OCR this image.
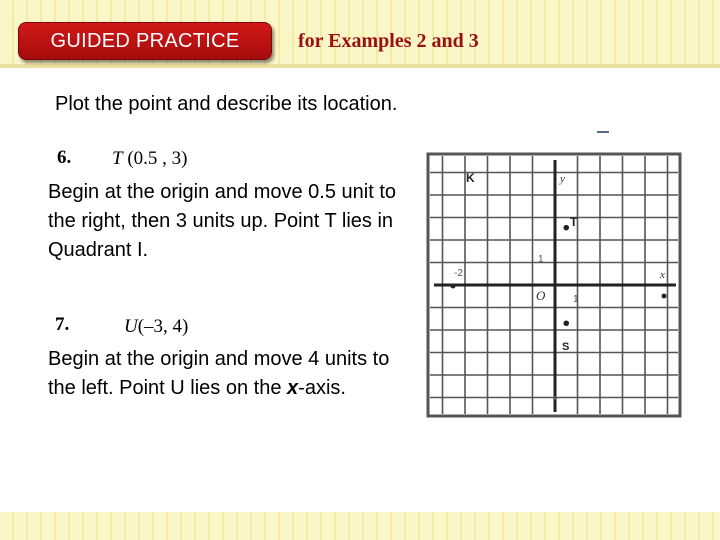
GUIDED PRACTICE	for Examples 2 and 3
Plot the point and describe its location.
6. T (0.5 , 3)
Begin at the origin and move 0.5 unit to the right, then 3 units up. Point T lies in Quadrant I.
7.	U(–3, 4)
Begin at the origin and move 4 units to the left. Point U lies on the x-axis.
y
x
O
1
1
-2
K
T
S
